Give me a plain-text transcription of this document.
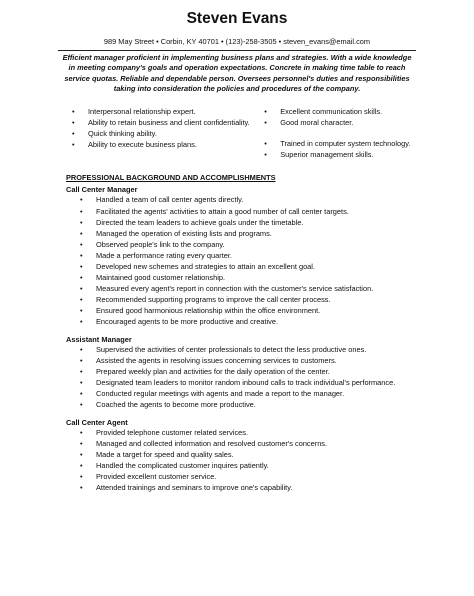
Steven Evans
989 May Street • Corbin, KY 40701 • (123)-258-3505 • steven_evans@email.com
Efficient manager proficient in implementing business plans and strategies. With a wide knowledge in meeting company's goals and operation expectations. Concrete in making time table to reach service quotas. Reliable and dependable person. Oversees personnel's duties and responsibilities taking into consideration the policies and procedures of the company.
• Interpersonal relationship expert.
• Ability to retain business and client confidentiality.
• Quick thinking ability.
• Ability to execute business plans.
• Excellent communication skills.
• Good moral character.
• Trained in computer system technology.
• Superior management skills.
PROFESSIONAL BACKGROUND AND ACCOMPLISHMENTS
Call Center Manager
• Handled a team of call center agents directly.
• Facilitated the agents' activities to attain a good number of call center targets.
• Directed the team leaders to achieve goals under the timetable.
• Managed the operation of existing lists and programs.
• Observed people's link to the company.
• Made a performance rating every quarter.
• Developed new schemes and strategies to attain an excellent goal.
• Maintained good customer relationship.
• Measured every agent's report in connection with the customer's service satisfaction.
• Recommended supporting programs to improve the call center process.
• Ensured good harmonious relationship within the office environment.
• Encouraged agents to be more productive and creative.
Assistant Manager
• Supervised the activities of center professionals to detect the less productive ones.
• Assisted the agents in resolving issues concerning services to customers.
• Prepared weekly plan and activities for the daily operation of the center.
• Designated team leaders to monitor random inbound calls to track individual's performance.
• Conducted regular meetings with agents and made a report to the manager.
• Coached the agents to become more productive.
Call Center Agent
• Provided telephone customer related services.
• Managed and collected information and resolved customer's concerns.
• Made a target for speed and quality sales.
• Handled the complicated customer inquires patiently.
• Provided excellent customer service.
• Attended trainings and seminars to improve one's capability.
